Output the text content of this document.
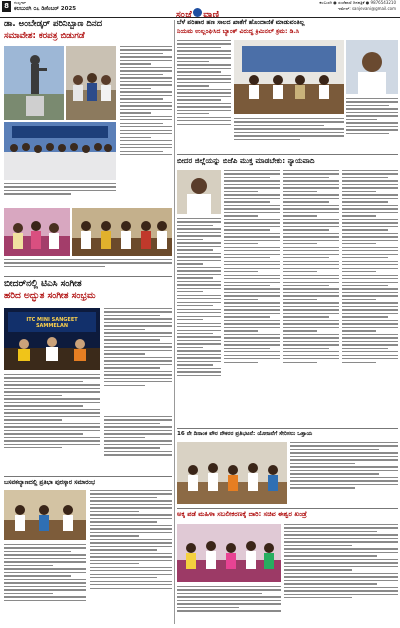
8	ಗುಲ್ಬರ್ಗಾ
ಕಲಬುರಗಿ ೦೭ ಡಿಸೆಂಬರ್ 2025
ಸಂಜೆ ವಾಣಿ
ಕಲಬುರಗಿ ● ಸಂಜೆವಾಣಿ ದಿನಪತ್ರಿಕೆ ● 9876543210
ಇಮೇಲ್: sanjevani@gmail.com
ಡಾ. ಅಂಬೇಡ್ಕರ್ ಪರಿನಿಬ್ಬಾಣ ದಿನದ
ಸಮಾವೇಶ: ಕರಪತ್ರ ಬಿಡುಗಡೆ
ಬೀದರ್‌ನಲ್ಲಿ ಟಿಎಸಿ ಸಂಗೀತ
ಹರಿದ ಅದ್ಭುತ ಸಂಗೀತ ಸಂಭ್ರಮ
ITC MINI SANGEET SAMMELAN
ಬಸವಕಲ್ಯಾಣದಲ್ಲಿ ಪ್ರತಿಭಾ ಪುರಸ್ಕಾರ ಸಮಾರಂಭ
ಬೆಳೆ ಪರಿಹಾರ ಹಣ ಸಾಲದ ಖಾತೆಗೆ ಹೊಂದಾಣಿಕೆ ಮಾಡುವಂತಿಲ್ಲ
ನಿಯಮ ಉಲ್ಲಂಘಿಸಿದ ಬ್ಯಾಂಕ್ ವಿರುದ್ಧ ಕ್ರಿಮಿನಲ್ ಕ್ರಮ: ಡಿ.ಸಿ
ಬೀದರ ಜಿಲ್ಲೆಯನ್ನು ಬಿಜೆಪಿ ಮುಕ್ತ ಮಾಡಬೇಕು: ನ್ಯಾಯವಾದಿ
16 ನೇ ದಿನಾಂಕ ಪೌರ ನೌಕರರ ಪ್ರತಿಭಟನೆ: ಯೋಜನೆಗೆ ಸೇರಿಸಲು ಒತ್ತಾಯ
ಅಕ್ಕ ಪಡೆ ಮಹಿಳಾ ಸಬಲೀಕರಣಕ್ಕೆ ದಾರಿ: ಸಚಿವ ಈಶ್ವರ ಖಂಡ್ರೆ
